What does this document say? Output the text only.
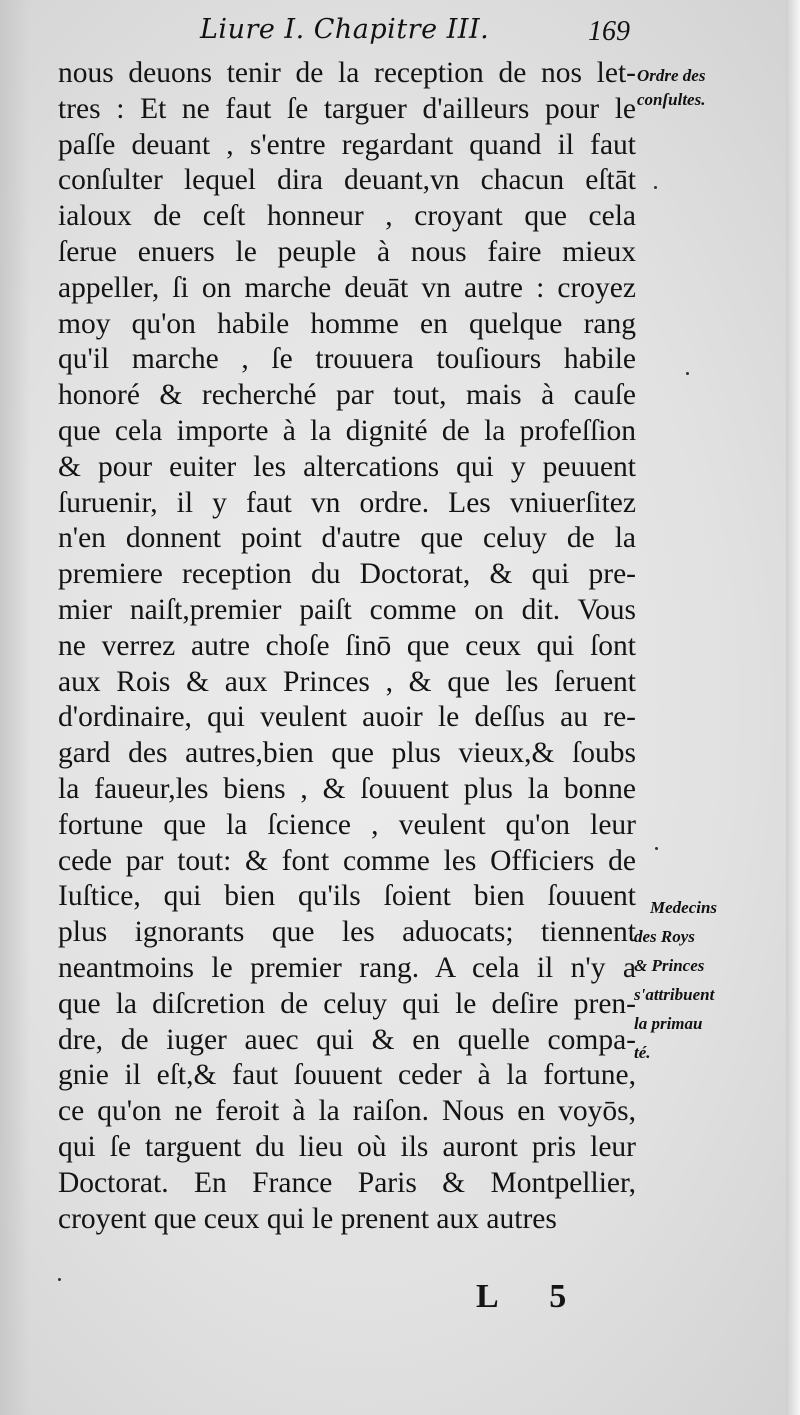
Liure I. Chapitre III.	169
nous deuons tenir de la reception de nos let-
tres : Et ne faut ſe targuer d'ailleurs pour le
paſſe deuant , s'entre regardant quand il faut
conſulter lequel dira deuant,vn chacun eſtāt
ialoux de ceſt honneur , croyant que cela
ſerue enuers le peuple à nous faire mieux
appeller, ſi on marche deuāt vn autre : croyez
moy qu'on habile homme en quelque rang
qu'il marche , ſe trouuera touſiours habile
honoré & recherché par tout, mais à cauſe
que cela importe à la dignité de la profeſſion
& pour euiter les altercations qui y peuuent
ſuruenir, il y faut vn ordre. Les vniuerſitez
n'en donnent point d'autre que celuy de la
premiere reception du Doctorat, & qui pre-
mier naiſt,premier paiſt comme on dit. Vous
ne verrez autre choſe ſinō que ceux qui ſont
aux Rois & aux Princes , & que les ſeruent
d'ordinaire, qui veulent auoir le deſſus au re-
gard des autres,bien que plus vieux,& ſoubs
la faueur,les biens , & ſouuent plus la bonne
fortune que la ſcience , veulent qu'on leur
cede par tout: & font comme les Officiers de
Iuſtice, qui bien qu'ils ſoient bien ſouuent
plus ignorants que les aduocats; tiennent
neantmoins le premier rang. A cela il n'y a
que la diſcretion de celuy qui le deſire pren-
dre, de iuger auec qui & en quelle compa-
gnie il eſt,& faut ſouuent ceder à la fortune,
ce qu'on ne feroit à la raiſon. Nous en voyōs,
qui ſe targuent du lieu où ils auront pris leur
Doctorat. En France Paris & Montpellier,
croyent que ceux qui le prenent aux autres
Ordre des
conſultes.
Medecins
des Roys
& Princes
s'attribuent
la primau
té.
L 5
